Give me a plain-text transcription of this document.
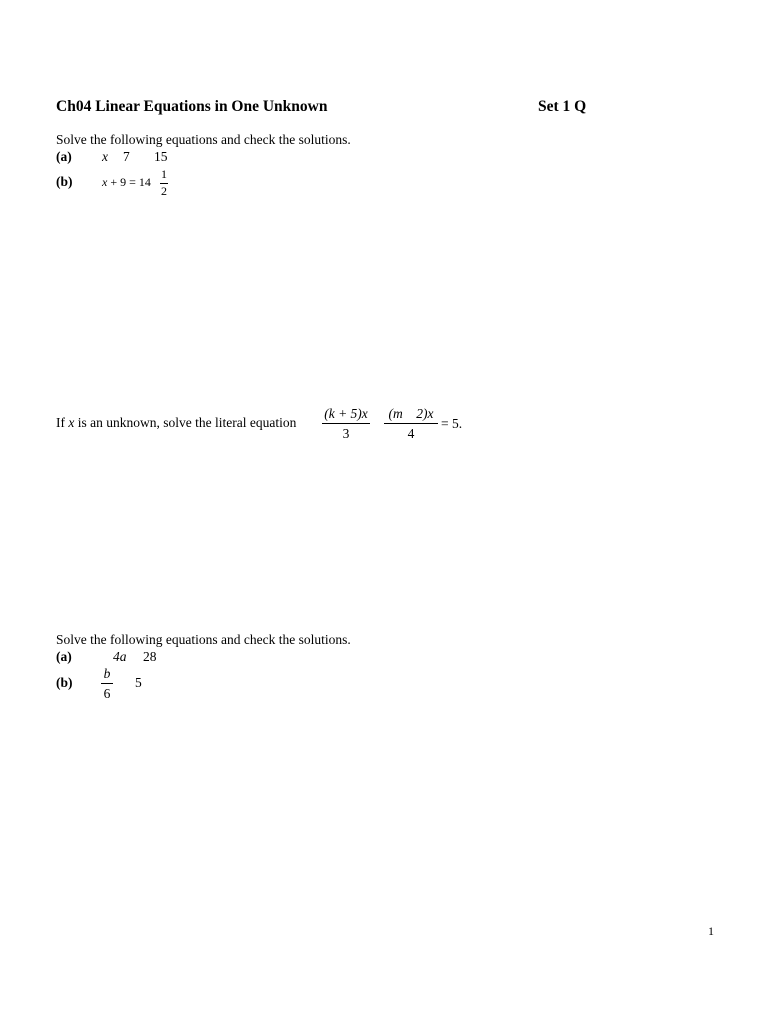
Ch04 Linear Equations in One Unknown	Set 1 Q
Solve the following equations and check the solutions.
(a) x 7 15
(b) x + 9 = 14
1
2
If x is an unknown, solve the literal equation
(k + 5)x
3
(m    2)x
4
= 5.
Solve the following equations and check the solutions.
(a)	4a 28
(b)
b
6
5
1
